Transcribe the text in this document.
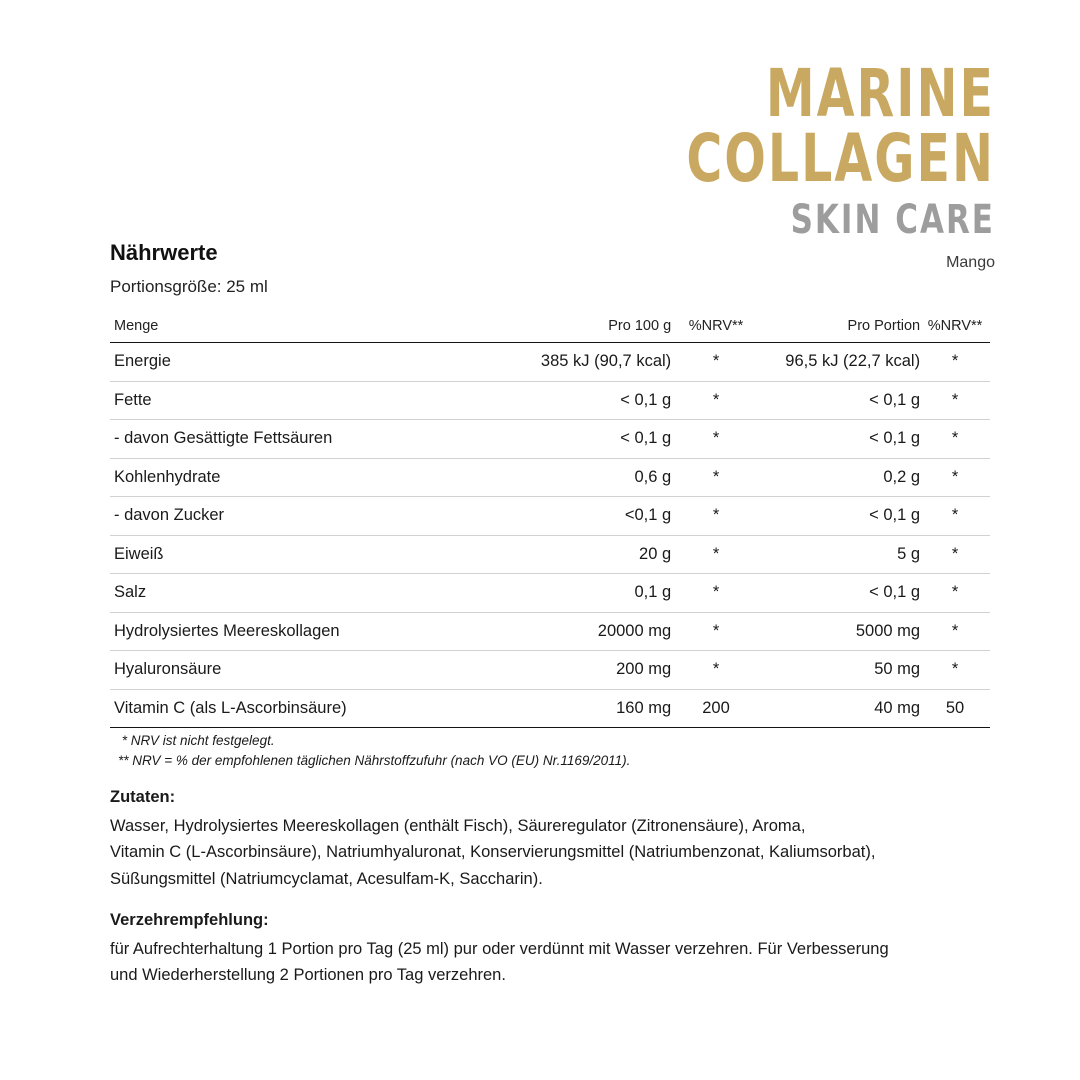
MARINE
COLLAGEN
SKIN CARE
Mango
Nährwerte
Portionsgröße: 25 ml
Menge	Pro 100 g	%NRV**	Pro Portion	%NRV**
Energie	385 kJ (90,7 kcal)	*	96,5 kJ (22,7 kcal)	*
Fette	< 0,1 g	*	< 0,1 g	*
- davon Gesättigte Fettsäuren	< 0,1 g	*	< 0,1 g	*
Kohlenhydrate	0,6 g	*	0,2 g	*
- davon Zucker	<0,1 g	*	< 0,1 g	*
Eiweiß	20 g	*	5 g	*
Salz	0,1 g	*	< 0,1 g	*
Hydrolysiertes Meereskollagen	20000 mg	*	5000 mg	*
Hyaluronsäure	200 mg	*	50 mg	*
Vitamin C (als L-Ascorbinsäure)	160 mg	200	40 mg	50
* NRV ist nicht festgelegt.
** NRV = % der empfohlenen täglichen Nährstoffzufuhr (nach VO (EU) Nr.1169/2011).
Zutaten:

Wasser, Hydrolysiertes Meereskollagen (enthält Fisch), Säureregulator (Zitronensäure), Aroma,

Vitamin C (L-Ascorbinsäure), Natriumhyaluronat, Konservierungsmittel (Natriumbenzonat, Kaliumsorbat),

Süßungsmittel (Natriumcyclamat, Acesulfam-K, Saccharin).

Verzehrempfehlung:

für Aufrechterhaltung 1 Portion pro Tag (25 ml) pur oder verdünnt mit Wasser verzehren. Für Verbesserung

und Wiederherstellung 2 Portionen pro Tag verzehren.
